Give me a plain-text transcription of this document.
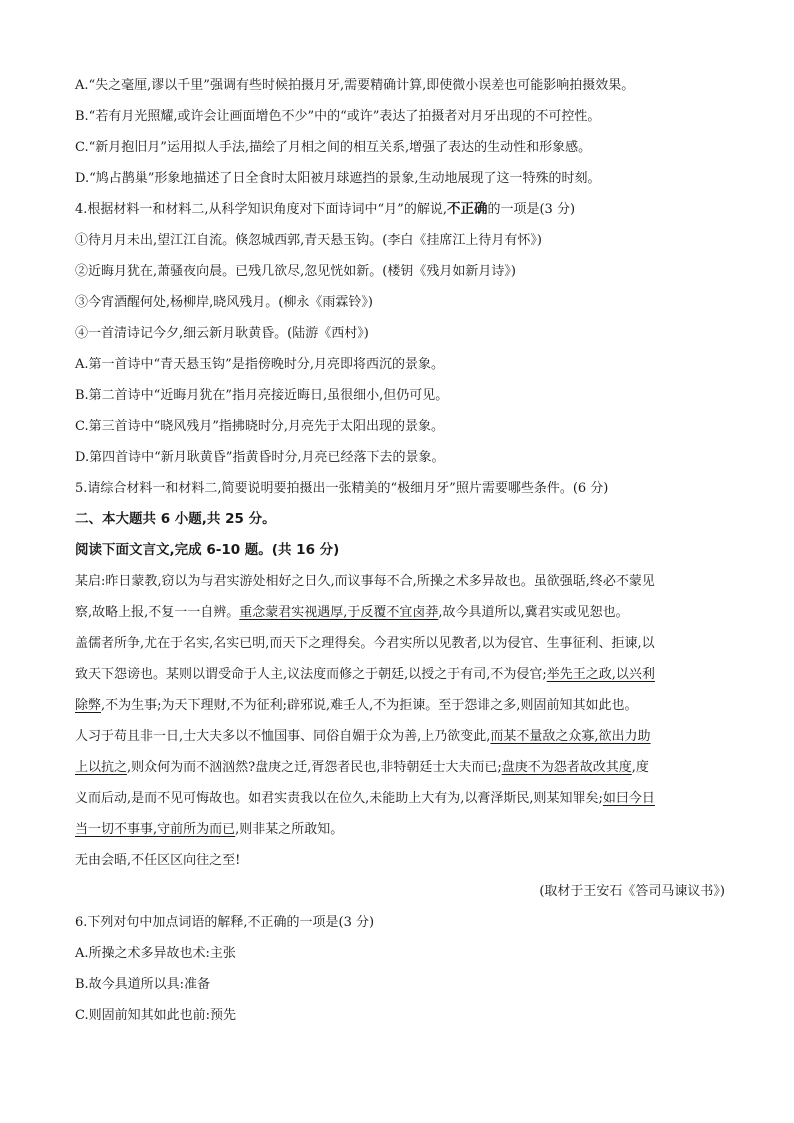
A.“失之毫厘,谬以千里”强调有些时候拍摄月牙,需要精确计算,即使微小误差也可能影响拍摄效果。
B.“若有月光照耀,或许会让画面增色不少”中的“或许”表达了拍摄者对月牙出现的不可控性。
C.“新月抱旧月”运用拟人手法,描绘了月相之间的相互关系,增强了表达的生动性和形象感。
D.“鸠占鹊巢”形象地描述了日全食时太阳被月球遮挡的景象,生动地展现了这一特殊的时刻。
4.根据材料一和材料二,从科学知识角度对下面诗词中“月”的解说,不正确的一项是(3 分)
①待月月未出,望江江自流。倏忽城西郭,青天悬玉钩。(李白《挂席江上待月有怀》)
②近晦月犹在,萧骚夜向晨。已残几欲尽,忽见恍如新。(楼钥《残月如新月诗》)
③今宵酒醒何处,杨柳岸,晓风残月。(柳永《雨霖铃》)
④一首清诗记今夕,细云新月耿黄昏。(陆游《西村》)
A.第一首诗中“青天悬玉钩”是指傍晚时分,月亮即将西沉的景象。
B.第二首诗中“近晦月犹在”指月亮接近晦日,虽很细小,但仍可见。
C.第三首诗中“晓风残月”指拂晓时分,月亮先于太阳出现的景象。
D.第四首诗中“新月耿黄昏”指黄昏时分,月亮已经落下去的景象。
5.请综合材料一和材料二,简要说明要拍摄出一张精美的“极细月牙”照片需要哪些条件。(6 分)
二、本大题共 6 小题,共 25 分。
阅读下面文言文,完成 6-10 题。(共 16 分)
某启:昨日蒙教,窃以为与君实游处相好之日久,而议事每不合,所操之术多异故也。虽欲强聒,终必不蒙见
察,故略上报,不复一一自辨。重念蒙君实视遇厚,于反覆不宜卤莽,故今具道所以,冀君实或见恕也。
盖儒者所争,尤在于名实,名实已明,而天下之理得矣。今君实所以见教者,以为侵官、生事征利、拒谏,以
致天下怨谤也。某则以谓受命于人主,议法度而修之于朝廷,以授之于有司,不为侵官;举先王之政,以兴利
除弊,不为生事;为天下理财,不为征利;辟邪说,难壬人,不为拒谏。至于怨诽之多,则固前知其如此也。
人习于苟且非一日,士大夫多以不恤国事、同俗自媚于众为善,上乃欲变此,而某不量敌之众寡,欲出力助
上以抗之,则众何为而不汹汹然?盘庚之迁,胥怨者民也,非特朝廷士大夫而已;盘庚不为怨者故改其度,度
义而后动,是而不见可悔故也。如君实责我以在位久,未能助上大有为,以膏泽斯民,则某知罪矣;如曰今日
当一切不事事,守前所为而已,则非某之所敢知。
无由会晤,不任区区向往之至!
(取材于王安石《答司马谏议书》)
6.下列对句中加点词语的解释,不正确的一项是(3 分)
A.所操之术多异故也术:主张
B.故今具道所以具:准备
C.则固前知其如此也前:预先
